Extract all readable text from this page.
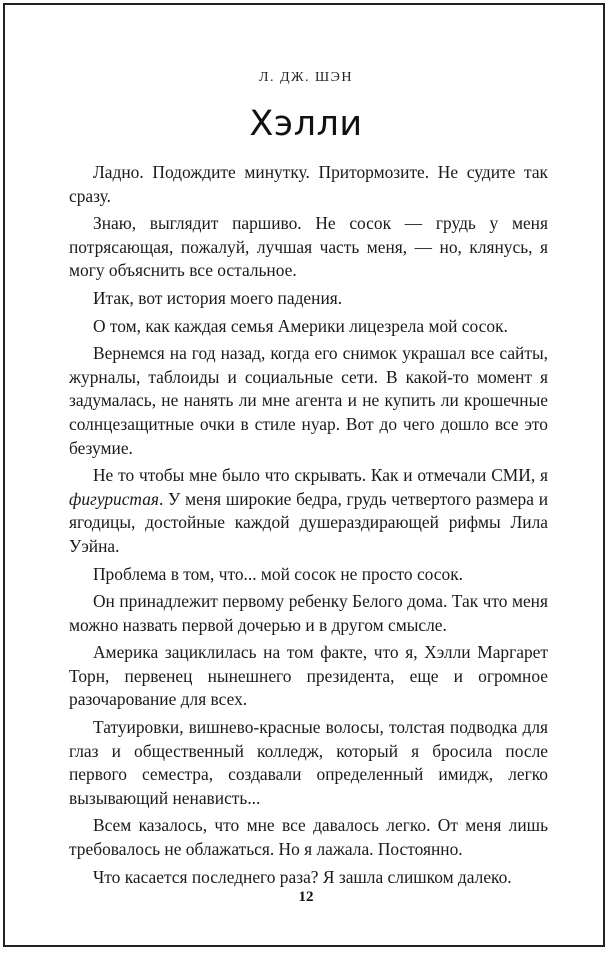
Л. ДЖ. ШЭН
Хэлли

Ладно. Подождите минутку. Притормозите. Не судите так сразу.

Знаю, выглядит паршиво. Не сосок — грудь у меня потрясающая, пожалуй, лучшая часть меня, — но, клянусь, я могу объяснить все остальное.

Итак, вот история моего падения.

О том, как каждая семья Америки лицезрела мой сосок.

Вернемся на год назад, когда его снимок украшал все сайты, журналы, таблоиды и социальные сети. В какой-то момент я задумалась, не нанять ли мне агента и не купить ли крошечные солнцезащитные очки в стиле нуар. Вот до чего дошло все это безумие.

Не то чтобы мне было что скрывать. Как и отмечали СМИ, я фигуристая. У меня широкие бедра, грудь четвертого размера и ягодицы, достойные каждой душераздирающей рифмы Лила Уэйна.

Проблема в том, что... мой сосок не просто сосок.

Он принадлежит первому ребенку Белого дома. Так что меня можно назвать первой дочерью и в другом смысле.

Америка зациклилась на том факте, что я, Хэлли Маргарет Торн, первенец нынешнего президента, еще и огромное разочарование для всех.

Татуировки, вишнево-красные волосы, толстая подводка для глаз и общественный колледж, который я бросила после первого семестра, создавали определенный имидж, легко вызывающий ненависть...

Всем казалось, что мне все давалось легко. От меня лишь требовалось не облажаться. Но я лажала. Постоянно.

Что касается последнего раза? Я зашла слишком далеко.

12
